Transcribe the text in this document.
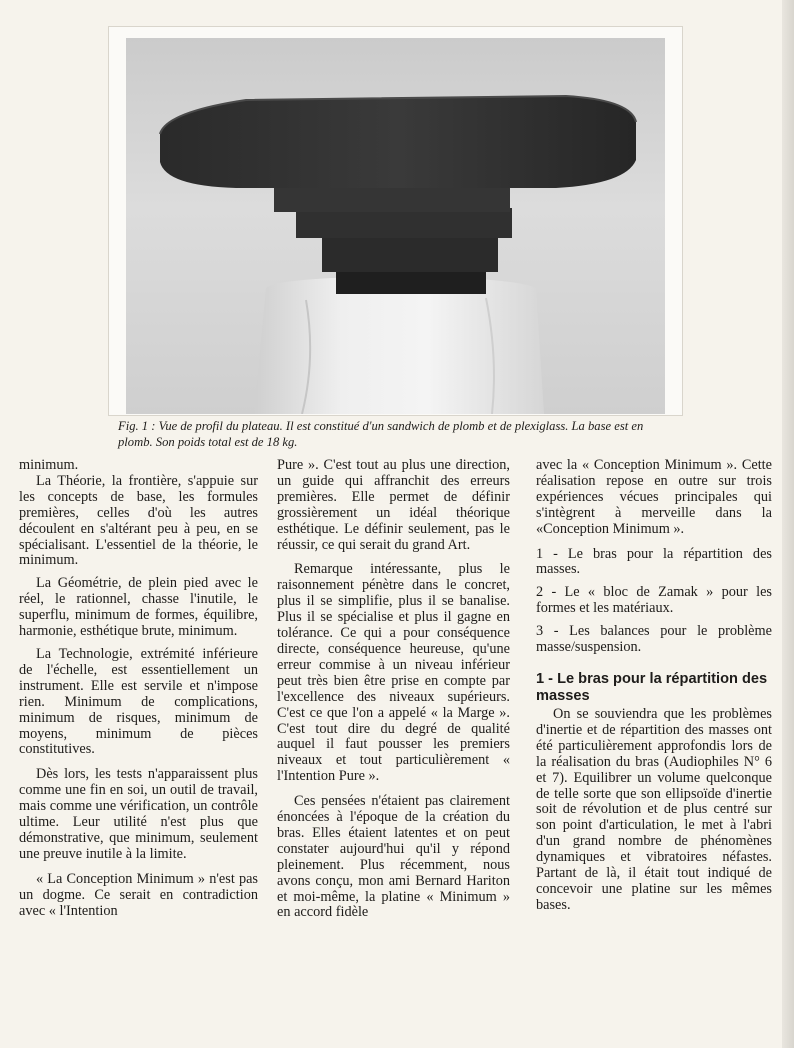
Fig. 1 : Vue de profil du plateau. Il est constitué d'un sandwich de plomb et de plexiglass. La base est en plomb. Son poids total est de 18 kg.

minimum.

La Théorie, la frontière, s'appuie sur les concepts de base, les formules premières, celles d'où les autres découlent en s'altérant peu à peu, en se spécialisant. L'essentiel de la théorie, le minimum.

La Géométrie, de plein pied avec le réel, le rationnel, chasse l'inutile, le superflu, minimum de formes, équilibre, harmonie, esthétique brute, minimum.

La Technologie, extrémité inférieure de l'échelle, est essentiellement un instrument. Elle est servile et n'impose rien. Minimum de complications, minimum de risques, minimum de moyens, minimum de pièces constitutives.

Dès lors, les tests n'apparaissent plus comme une fin en soi, un outil de travail, mais comme une vérification, un contrôle ultime. Leur utilité n'est plus que démonstrative, que minimum, seulement une preuve inutile à la limite.

« La Conception Minimum » n'est pas un dogme. Ce serait en contradiction avec « l'Intention

Pure ». C'est tout au plus une direction, un guide qui affranchit des erreurs premières. Elle permet de définir grossièrement un idéal théorique esthétique. Le définir seulement, pas le réussir, ce qui serait du grand Art.

Remarque intéressante, plus le raisonnement pénètre dans le concret, plus il se simplifie, plus il se banalise. Plus il se spécialise et plus il gagne en tolérance. Ce qui a pour conséquence directe, conséquence heureuse, qu'une erreur commise à un niveau inférieur peut très bien être prise en compte par l'excellence des niveaux supérieurs. C'est ce que l'on a appelé « la Marge ». C'est tout dire du degré de qualité auquel il faut pousser les premiers niveaux et tout particulièrement « l'Intention Pure ».

Ces pensées n'étaient pas clairement énoncées à l'époque de la création du bras. Elles étaient latentes et on peut constater aujourd'hui qu'il y répond pleinement. Plus récemment, nous avons conçu, mon ami Bernard Hariton et moi-même, la platine « Minimum » en accord fidèle

avec la « Conception Minimum ». Cette réalisation repose en outre sur trois expériences vécues principales qui s'intègrent à merveille dans la «Conception Minimum ».

1 - Le bras pour la répartition des masses.

2 - Le « bloc de Zamak » pour les formes et les matériaux.

3 - Les balances pour le problème masse/suspension.

1 - Le bras pour la répartition des masses

On se souviendra que les problèmes d'inertie et de répartition des masses ont été particulièrement approfondis lors de la réalisation du bras (Audiophiles N° 6 et 7). Equilibrer un volume quelconque de telle sorte que son ellipsoïde d'inertie soit de révolution et de plus centré sur son point d'articulation, le met à l'abri d'un grand nombre de phénomènes dynamiques et vibratoires néfastes. Partant de là, il était tout indiqué de concevoir une platine sur les mêmes bases.
